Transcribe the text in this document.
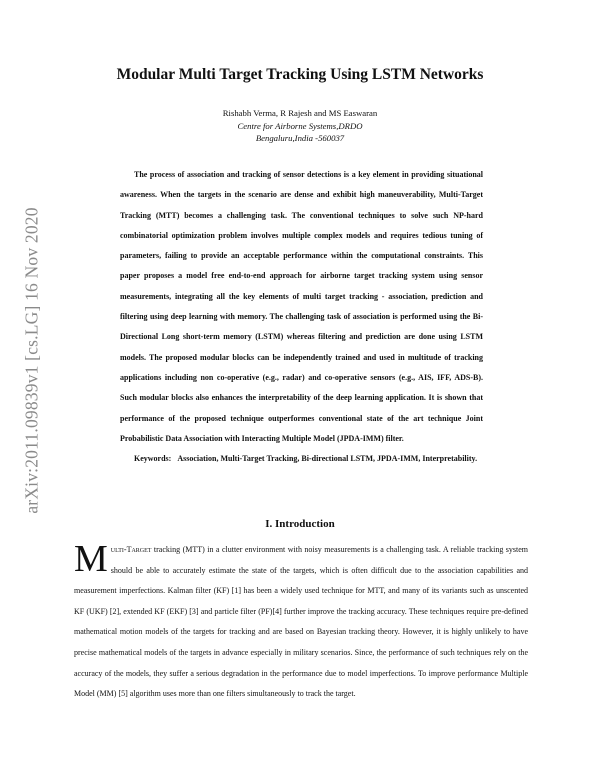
arXiv:2011.09839v1 [cs.LG] 16 Nov 2020
Modular Multi Target Tracking Using LSTM Networks
Rishabh Verma, R Rajesh and MS Easwaran
Centre for Airborne Systems,DRDO
Bengaluru,India -560037

The process of association and tracking of sensor detections is a key element in providing situational awareness. When the targets in the scenario are dense and exhibit high maneuverability, Multi-Target Tracking (MTT) becomes a challenging task. The conventional techniques to solve such NP-hard combinatorial optimization problem involves multiple complex models and requires tedious tuning of parameters, failing to provide an acceptable performance within the computational constraints. This paper proposes a model free end-to-end approach for airborne target tracking system using sensor measurements, integrating all the key elements of multi target tracking - association, prediction and filtering using deep learning with memory. The challenging task of association is performed using the Bi-Directional Long short-term memory (LSTM) whereas filtering and prediction are done using LSTM models. The proposed modular blocks can be independently trained and used in multitude of tracking applications including non co-operative (e.g., radar) and co-operative sensors (e.g., AIS, IFF, ADS-B). Such modular blocks also enhances the interpretability of the deep learning application. It is shown that performance of the proposed technique outperformes conventional state of the art technique Joint Probabilistic Data Association with Interacting Multiple Model (JPDA-IMM) filter.

Keywords: Association, Multi-Target Tracking, Bi-directional LSTM, JPDA-IMM, Interpretability.

I. Introduction

Multi-Target tracking (MTT) in a clutter environment with noisy measurements is a challenging task. A reliable tracking system should be able to accurately estimate the state of the targets, which is often difficult due to the association capabilities and measurement imperfections. Kalman filter (KF) [1] has been a widely used technique for MTT, and many of its variants such as unscented KF (UKF) [2], extended KF (EKF) [3] and particle filter (PF)[4] further improve the tracking accuracy. These techniques require pre-defined mathematical motion models of the targets for tracking and are based on Bayesian tracking theory. However, it is highly unlikely to have precise mathematical models of the targets in advance especially in military scenarios. Since, the performance of such techniques rely on the accuracy of the models, they suffer a serious degradation in the performance due to model imperfections. To improve performance Multiple Model (MM) [5] algorithm uses more than one filters simultaneously to track the target.
